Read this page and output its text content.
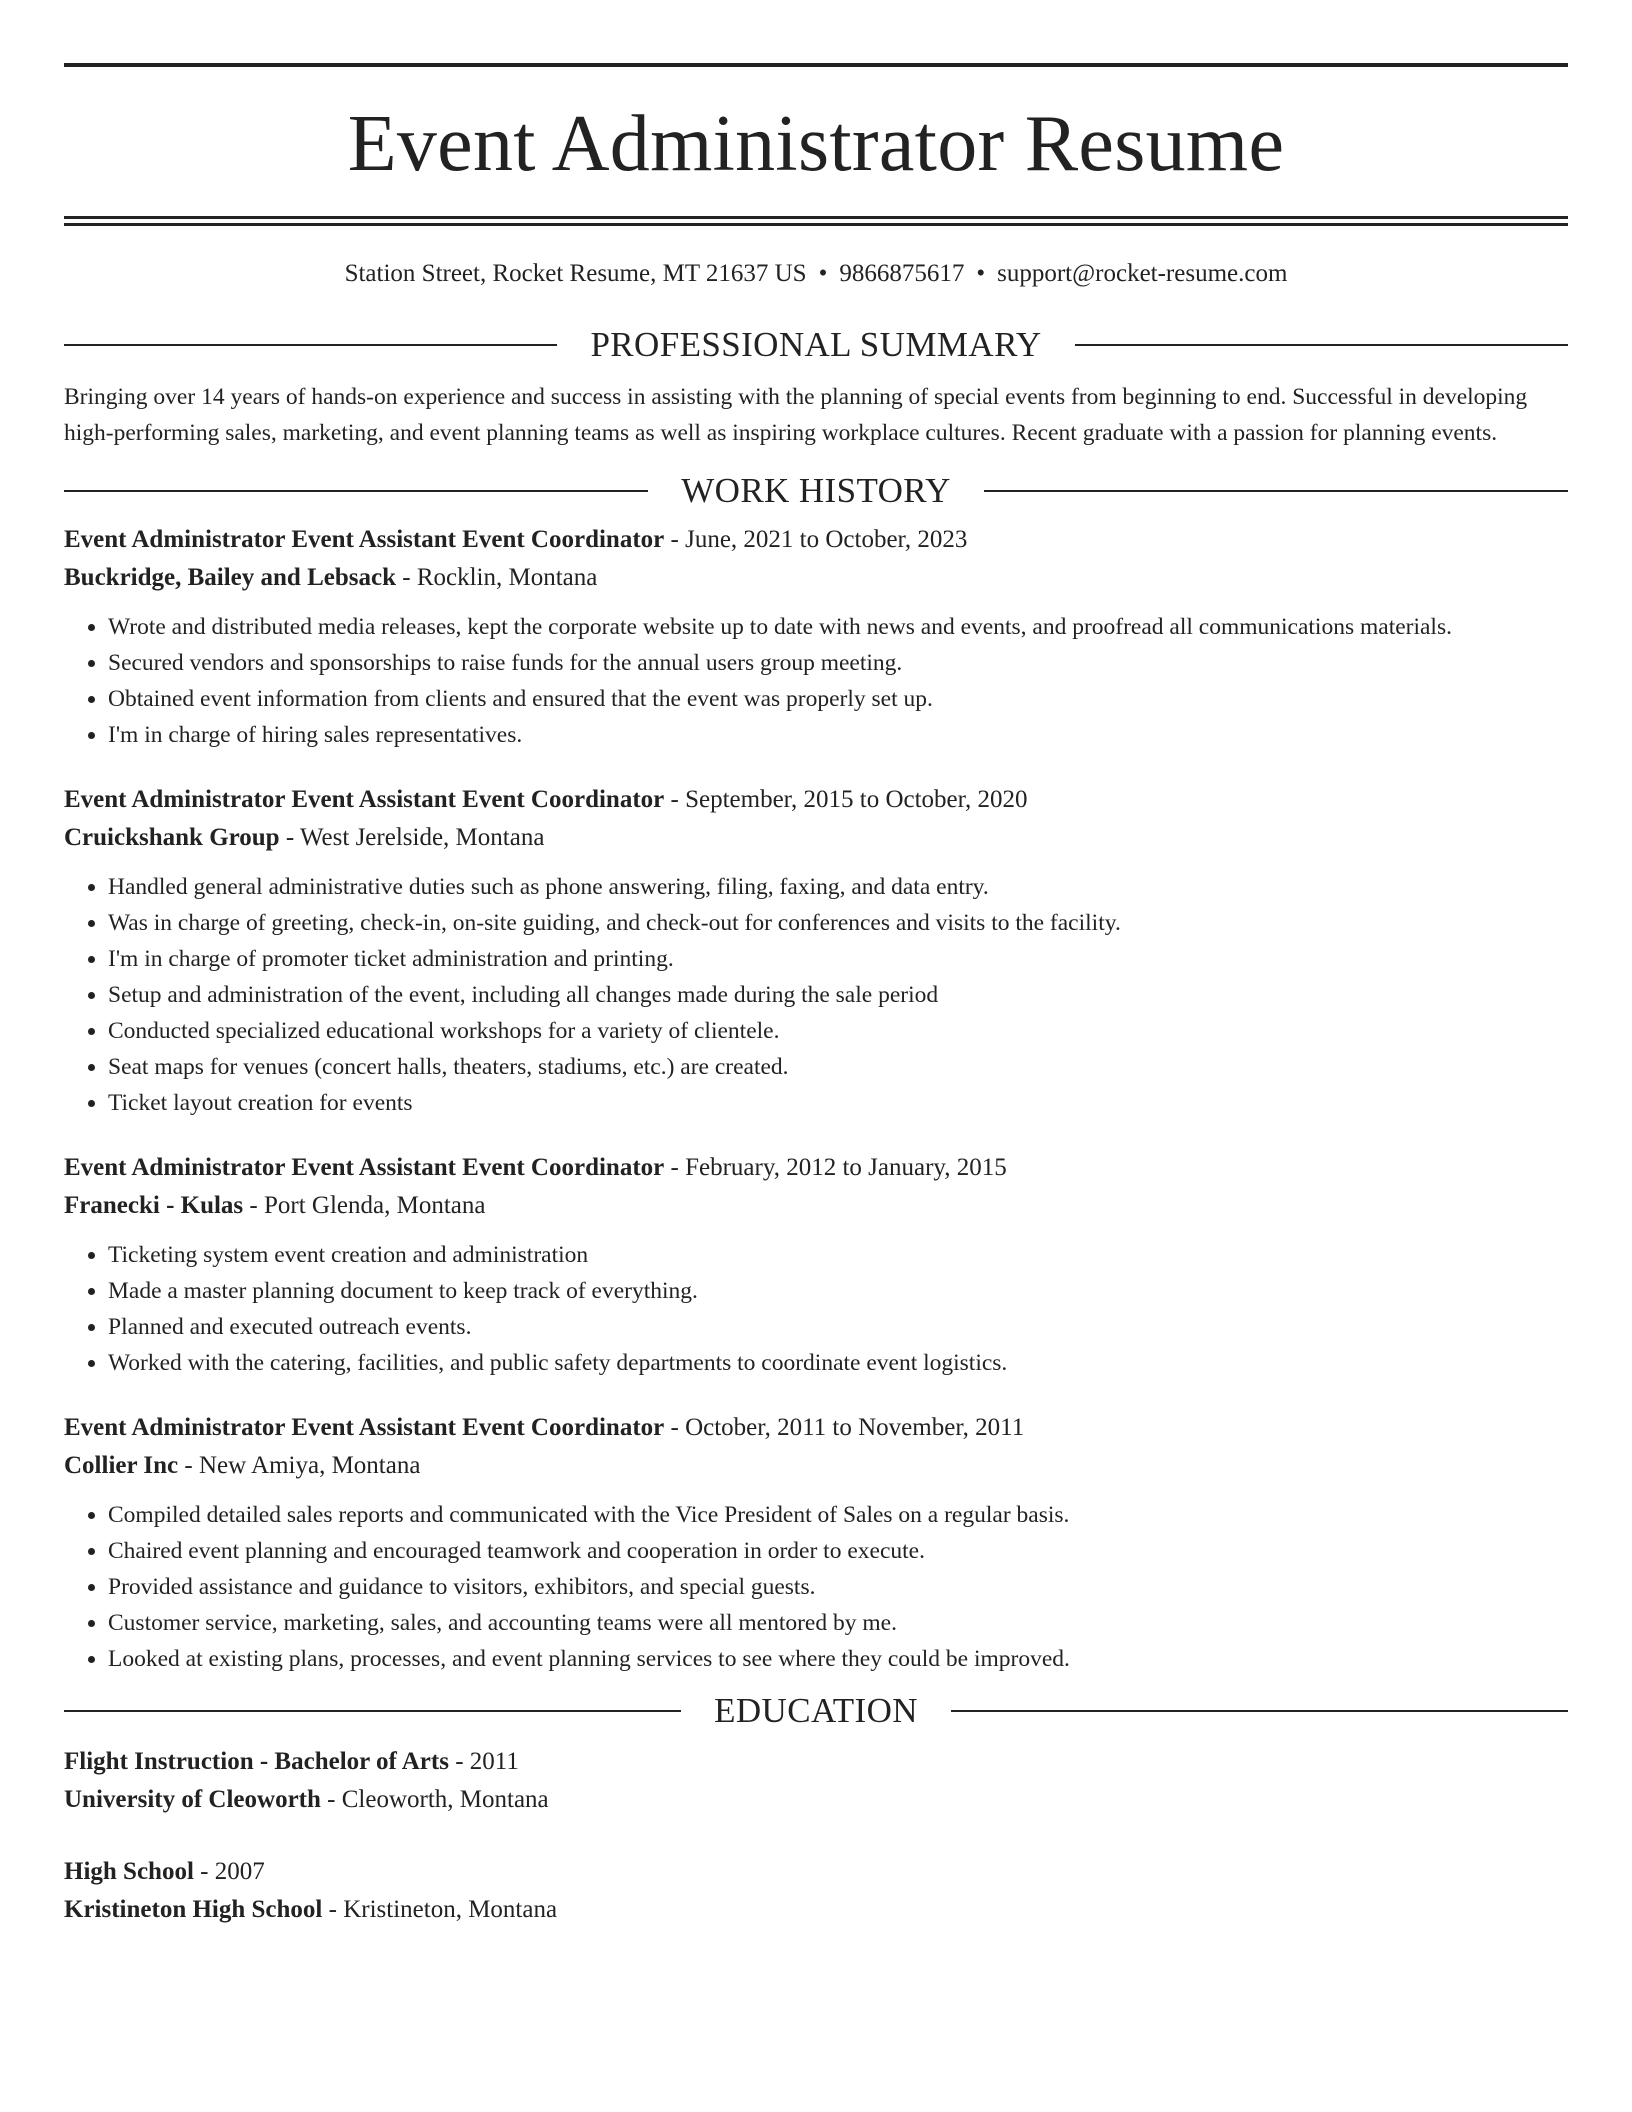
Event Administrator Resume
Station Street, Rocket Resume, MT 21637 US • 9866875617 • support@rocket-resume.com
PROFESSIONAL SUMMARY

Bringing over 14 years of hands-on experience and success in assisting with the planning of special events from beginning to end. Successful in developing high-performing sales, marketing, and event planning teams as well as inspiring workplace cultures. Recent graduate with a passion for planning events.

WORK HISTORY
Event Administrator Event Assistant Event Coordinator - June, 2021 to October, 2023
Buckridge, Bailey and Lebsack - Rocklin, Montana
• Wrote and distributed media releases, kept the corporate website up to date with news and events, and proofread all communications materials.
• Secured vendors and sponsorships to raise funds for the annual users group meeting.
• Obtained event information from clients and ensured that the event was properly set up.
• I'm in charge of hiring sales representatives.
Event Administrator Event Assistant Event Coordinator - September, 2015 to October, 2020
Cruickshank Group - West Jerelside, Montana
• Handled general administrative duties such as phone answering, filing, faxing, and data entry.
• Was in charge of greeting, check-in, on-site guiding, and check-out for conferences and visits to the facility.
• I'm in charge of promoter ticket administration and printing.
• Setup and administration of the event, including all changes made during the sale period
• Conducted specialized educational workshops for a variety of clientele.
• Seat maps for venues (concert halls, theaters, stadiums, etc.) are created.
• Ticket layout creation for events
Event Administrator Event Assistant Event Coordinator - February, 2012 to January, 2015
Franecki - Kulas - Port Glenda, Montana
• Ticketing system event creation and administration
• Made a master planning document to keep track of everything.
• Planned and executed outreach events.
• Worked with the catering, facilities, and public safety departments to coordinate event logistics.
Event Administrator Event Assistant Event Coordinator - October, 2011 to November, 2011
Collier Inc - New Amiya, Montana
• Compiled detailed sales reports and communicated with the Vice President of Sales on a regular basis.
• Chaired event planning and encouraged teamwork and cooperation in order to execute.
• Provided assistance and guidance to visitors, exhibitors, and special guests.
• Customer service, marketing, sales, and accounting teams were all mentored by me.
• Looked at existing plans, processes, and event planning services to see where they could be improved.
EDUCATION
Flight Instruction - Bachelor of Arts - 2011
University of Cleoworth - Cleoworth, Montana
High School - 2007
Kristineton High School - Kristineton, Montana
